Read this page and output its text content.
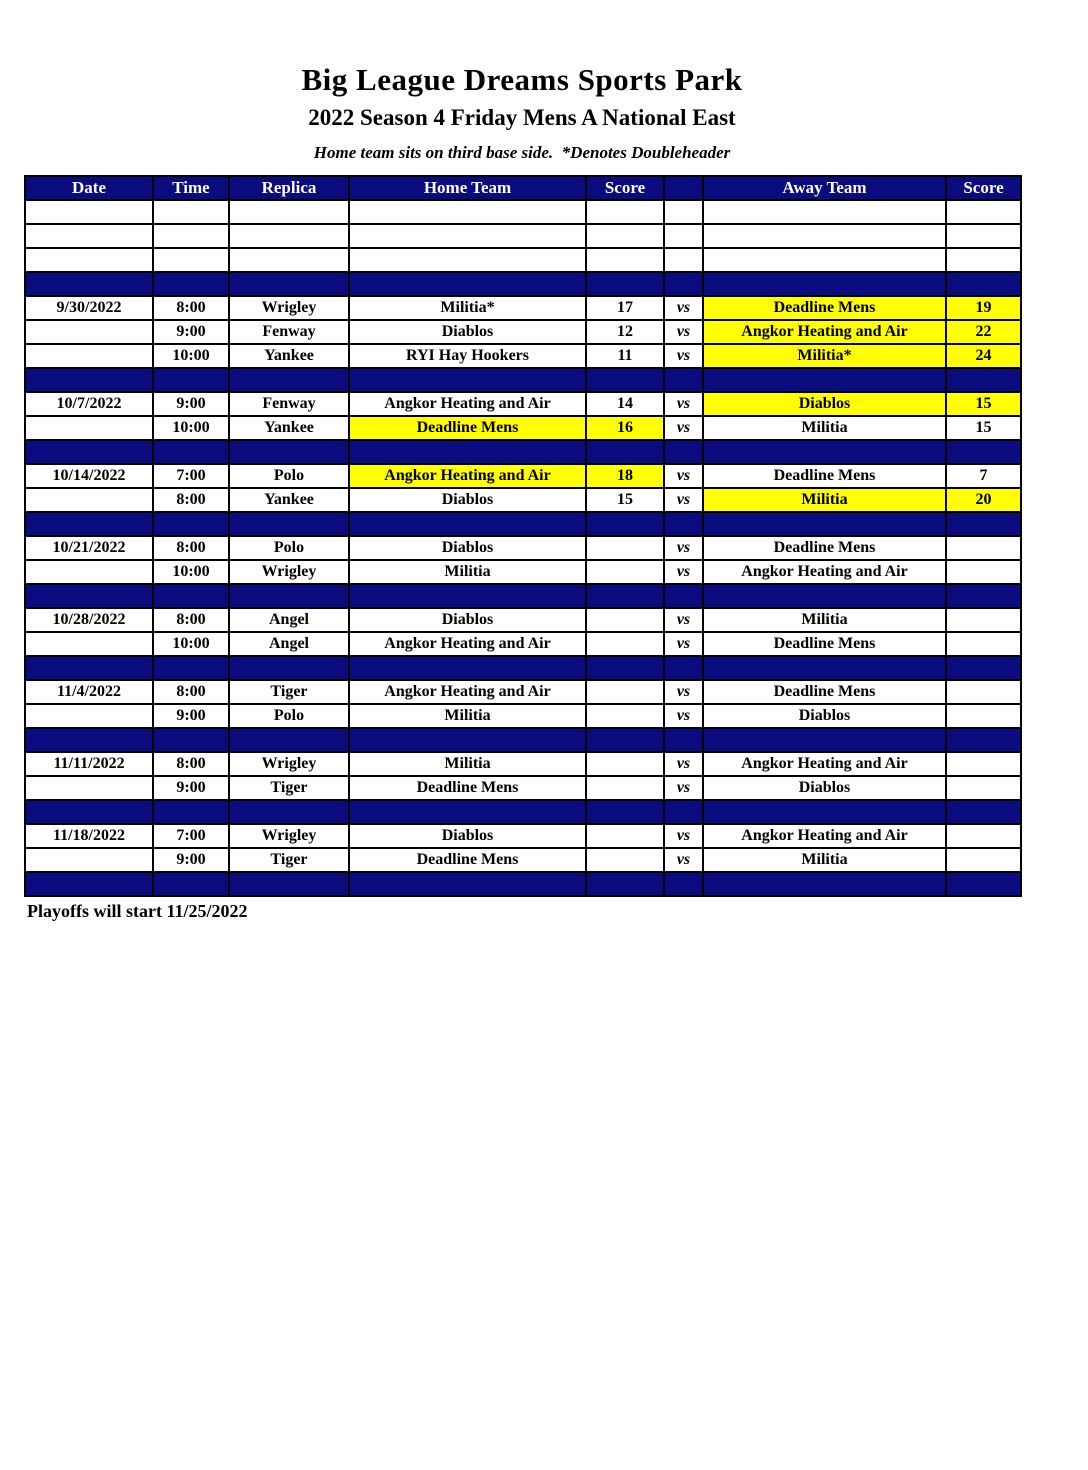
Big League Dreams Sports Park
2022 Season 4 Friday Mens A National East
Home team sits on third base side.  *Denotes Doubleheader
Date	Time	Replica	Home Team	Score		Away Team	Score

9/30/2022	8:00	Wrigley	Militia*	17	vs	Deadline Mens	19
	9:00	Fenway	Diablos	12	vs	Angkor Heating and Air	22
	10:00	Yankee	RYI Hay Hookers	11	vs	Militia*	24

10/7/2022	9:00	Fenway	Angkor Heating and Air	14	vs	Diablos	15
	10:00	Yankee	Deadline Mens	16	vs	Militia	15

10/14/2022	7:00	Polo	Angkor Heating and Air	18	vs	Deadline Mens	7
	8:00	Yankee	Diablos	15	vs	Militia	20

10/21/2022	8:00	Polo	Diablos		vs	Deadline Mens	
	10:00	Wrigley	Militia		vs	Angkor Heating and Air	

10/28/2022	8:00	Angel	Diablos		vs	Militia	
	10:00	Angel	Angkor Heating and Air		vs	Deadline Mens	

11/4/2022	8:00	Tiger	Angkor Heating and Air		vs	Deadline Mens	
	9:00	Polo	Militia		vs	Diablos	

11/11/2022	8:00	Wrigley	Militia		vs	Angkor Heating and Air	
	9:00	Tiger	Deadline Mens		vs	Diablos	

11/18/2022	7:00	Wrigley	Diablos		vs	Angkor Heating and Air	
	9:00	Tiger	Deadline Mens		vs	Militia	

Playoffs will start 11/25/2022
